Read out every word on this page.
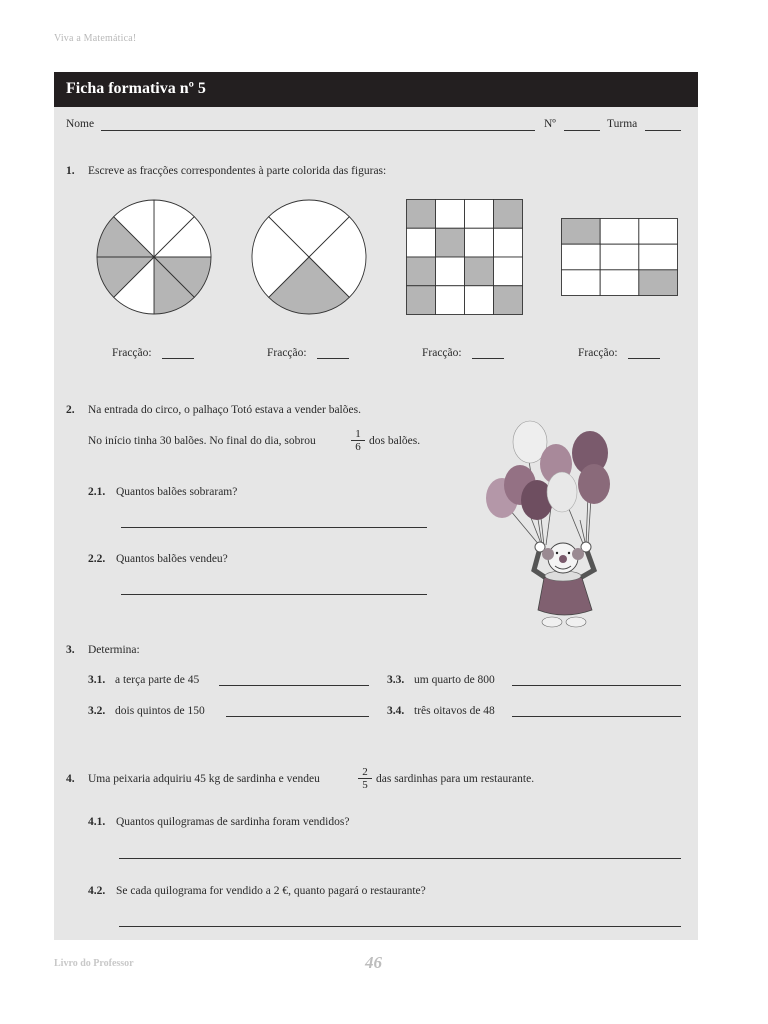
Viva a Matemática!
Ficha formativa nº 5
Nome	Nº	Turma
1. Escreve as fracções correspondentes à parte colorida das figuras:
Fracção:	Fracção:	Fracção:	Fracção:
2. Na entrada do circo, o palhaço Totó estava a vender balões.
No início tinha 30 balões. No final do dia, sobrou	$\frac{1}{6}$ dos balões.
2.1. Quantos balões sobraram?
2.2. Quantos balões vendeu?
3. Determina:
3.1. a terça parte de 45
3.2. dois quintos de 150
3.3. um quarto de 800
3.4. três oitavos de 48
4. Uma peixaria adquiriu 45 kg de sardinha e vendeu	$\frac{2}{5}$ das sardinhas para um restaurante.
4.1. Quantos quilogramas de sardinha foram vendidos?
4.2. Se cada quilograma for vendido a 2 €, quanto pagará o restaurante?
Livro do Professor	46
